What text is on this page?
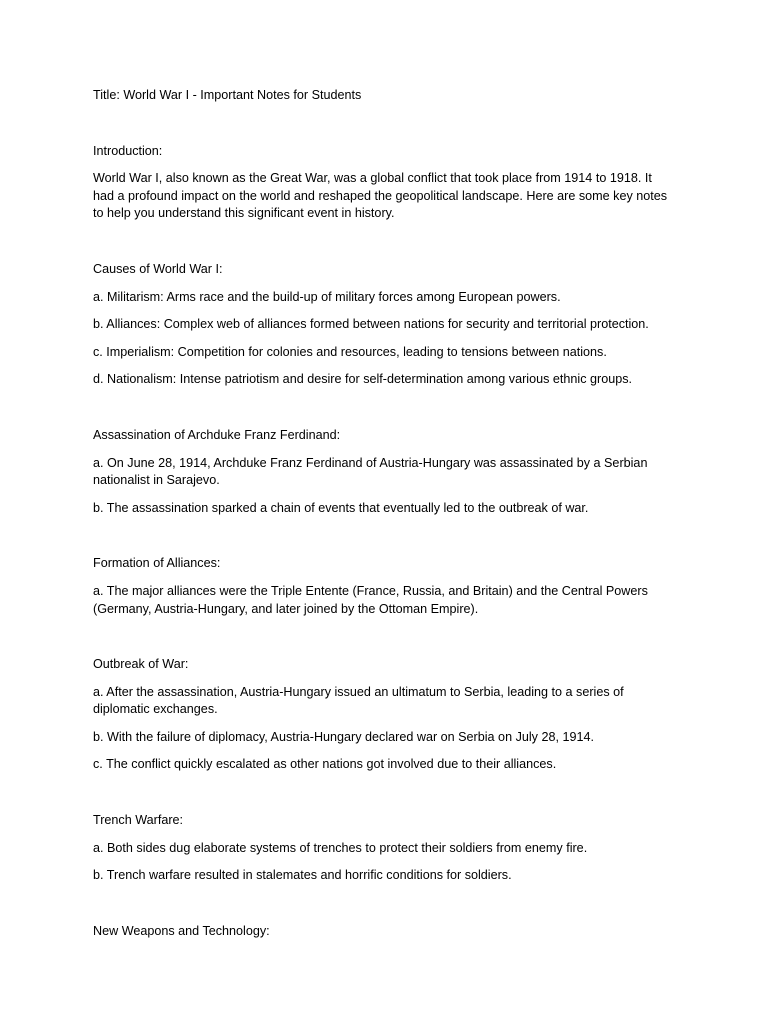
Title: World War I - Important Notes for Students

Introduction:

World War I, also known as the Great War, was a global conflict that took place from 1914 to 1918. It had a profound impact on the world and reshaped the geopolitical landscape. Here are some key notes to help you understand this significant event in history.

Causes of World War I:

a. Militarism: Arms race and the build-up of military forces among European powers.

b. Alliances: Complex web of alliances formed between nations for security and territorial protection.

c. Imperialism: Competition for colonies and resources, leading to tensions between nations.

d. Nationalism: Intense patriotism and desire for self-determination among various ethnic groups.

Assassination of Archduke Franz Ferdinand:

a. On June 28, 1914, Archduke Franz Ferdinand of Austria-Hungary was assassinated by a Serbian nationalist in Sarajevo.

b. The assassination sparked a chain of events that eventually led to the outbreak of war.

Formation of Alliances:

a. The major alliances were the Triple Entente (France, Russia, and Britain) and the Central Powers (Germany, Austria-Hungary, and later joined by the Ottoman Empire).

Outbreak of War:

a. After the assassination, Austria-Hungary issued an ultimatum to Serbia, leading to a series of diplomatic exchanges.

b. With the failure of diplomacy, Austria-Hungary declared war on Serbia on July 28, 1914.

c. The conflict quickly escalated as other nations got involved due to their alliances.

Trench Warfare:

a. Both sides dug elaborate systems of trenches to protect their soldiers from enemy fire.

b. Trench warfare resulted in stalemates and horrific conditions for soldiers.

New Weapons and Technology:
